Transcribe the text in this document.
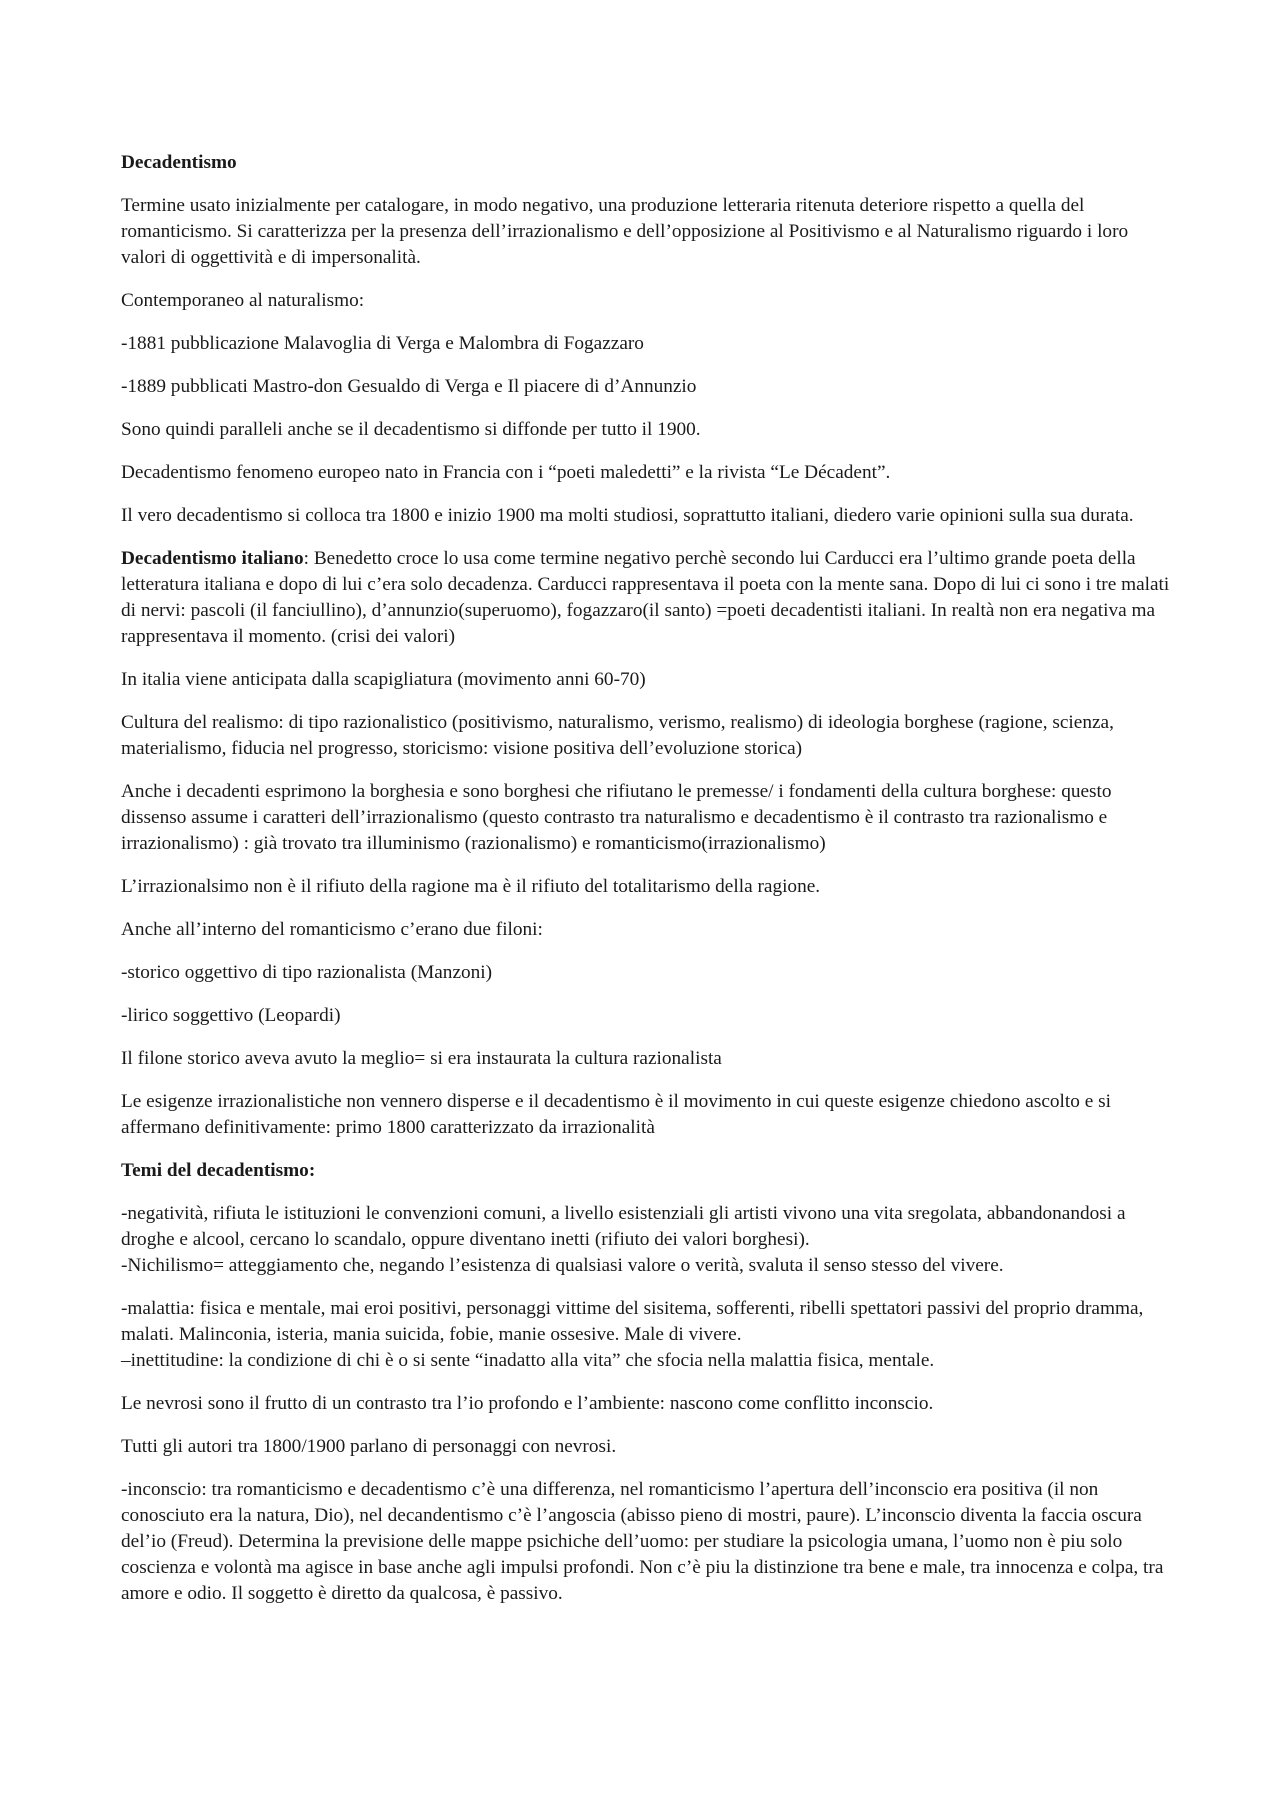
Decadentismo

Termine usato inizialmente per catalogare, in modo negativo, una produzione letteraria ritenuta deteriore rispetto a quella del romanticismo. Si caratterizza per la presenza dell’irrazionalismo e dell’opposizione al Positivismo e al Naturalismo riguardo i loro valori di oggettività e di impersonalità.

Contemporaneo al naturalismo:

-1881 pubblicazione Malavoglia di Verga e Malombra di Fogazzaro

-1889 pubblicati Mastro-don Gesualdo di Verga e Il piacere di d’Annunzio

Sono quindi paralleli anche se il decadentismo si diffonde per tutto il 1900.

Decadentismo fenomeno europeo nato in Francia con i “poeti maledetti” e la rivista “Le Décadent”.

Il vero decadentismo si colloca tra 1800 e inizio 1900 ma molti studiosi, soprattutto italiani, diedero varie opinioni sulla sua durata.

Decadentismo italiano: Benedetto croce lo usa come termine negativo perchè secondo lui Carducci era l’ultimo grande poeta della letteratura italiana e dopo di lui c’era solo decadenza. Carducci rappresentava il poeta con la mente sana. Dopo di lui ci sono i tre malati di nervi: pascoli (il fanciullino), d’annunzio(superuomo), fogazzaro(il santo) =poeti decadentisti italiani. In realtà non era negativa ma rappresentava il momento. (crisi dei valori)

In italia viene anticipata dalla scapigliatura (movimento anni 60-70)

Cultura del realismo: di tipo razionalistico (positivismo, naturalismo, verismo, realismo) di ideologia borghese (ragione, scienza, materialismo, fiducia nel progresso, storicismo: visione positiva dell’evoluzione storica)

Anche i decadenti esprimono la borghesia e sono borghesi che rifiutano le premesse/ i fondamenti della cultura borghese: questo dissenso assume i caratteri dell’irrazionalismo (questo contrasto tra naturalismo e decadentismo è il contrasto tra razionalismo e irrazionalismo) : già trovato tra illuminismo (razionalismo) e romanticismo(irrazionalismo)

L’irrazionalsimo non è il rifiuto della ragione ma è il rifiuto del totalitarismo della ragione.

Anche all’interno del romanticismo c’erano due filoni:

-storico oggettivo di tipo razionalista (Manzoni)

-lirico soggettivo (Leopardi)

Il filone storico aveva avuto la meglio= si era instaurata la cultura razionalista

Le esigenze irrazionalistiche non vennero disperse e il decadentismo è il movimento in cui queste esigenze chiedono ascolto e si affermano definitivamente: primo 1800 caratterizzato da irrazionalità

Temi del decadentismo:

-negatività, rifiuta le istituzioni le convenzioni comuni, a livello esistenziali gli artisti vivono una vita sregolata, abbandonandosi a droghe e alcool, cercano lo scandalo, oppure diventano inetti (rifiuto dei valori borghesi).

-Nichilismo= atteggiamento che, negando l’esistenza di qualsiasi valore o verità, svaluta il senso stesso del vivere.

-malattia: fisica e mentale, mai eroi positivi, personaggi vittime del sisitema, sofferenti, ribelli spettatori passivi del proprio dramma, malati. Malinconia, isteria, mania suicida, fobie, manie ossesive. Male di vivere.

–inettitudine: la condizione di chi è o si sente “inadatto alla vita” che sfocia nella malattia fisica, mentale.

Le nevrosi sono il frutto di un contrasto tra l’io profondo e l’ambiente: nascono come conflitto inconscio.

Tutti gli autori tra 1800/1900 parlano di personaggi con nevrosi.

-inconscio: tra romanticismo e decadentismo c’è una differenza, nel romanticismo l’apertura dell’inconscio era positiva (il non conosciuto era la natura, Dio), nel decandentismo c’è l’angoscia (abisso pieno di mostri, paure). L’inconscio diventa la faccia oscura del’io (Freud). Determina la previsione delle mappe psichiche dell’uomo: per studiare la psicologia umana, l’uomo non è piu solo coscienza e volontà ma agisce in base anche agli impulsi profondi. Non c’è piu la distinzione tra bene e male, tra innocenza e colpa, tra amore e odio. Il soggetto è diretto da qualcosa, è passivo.
